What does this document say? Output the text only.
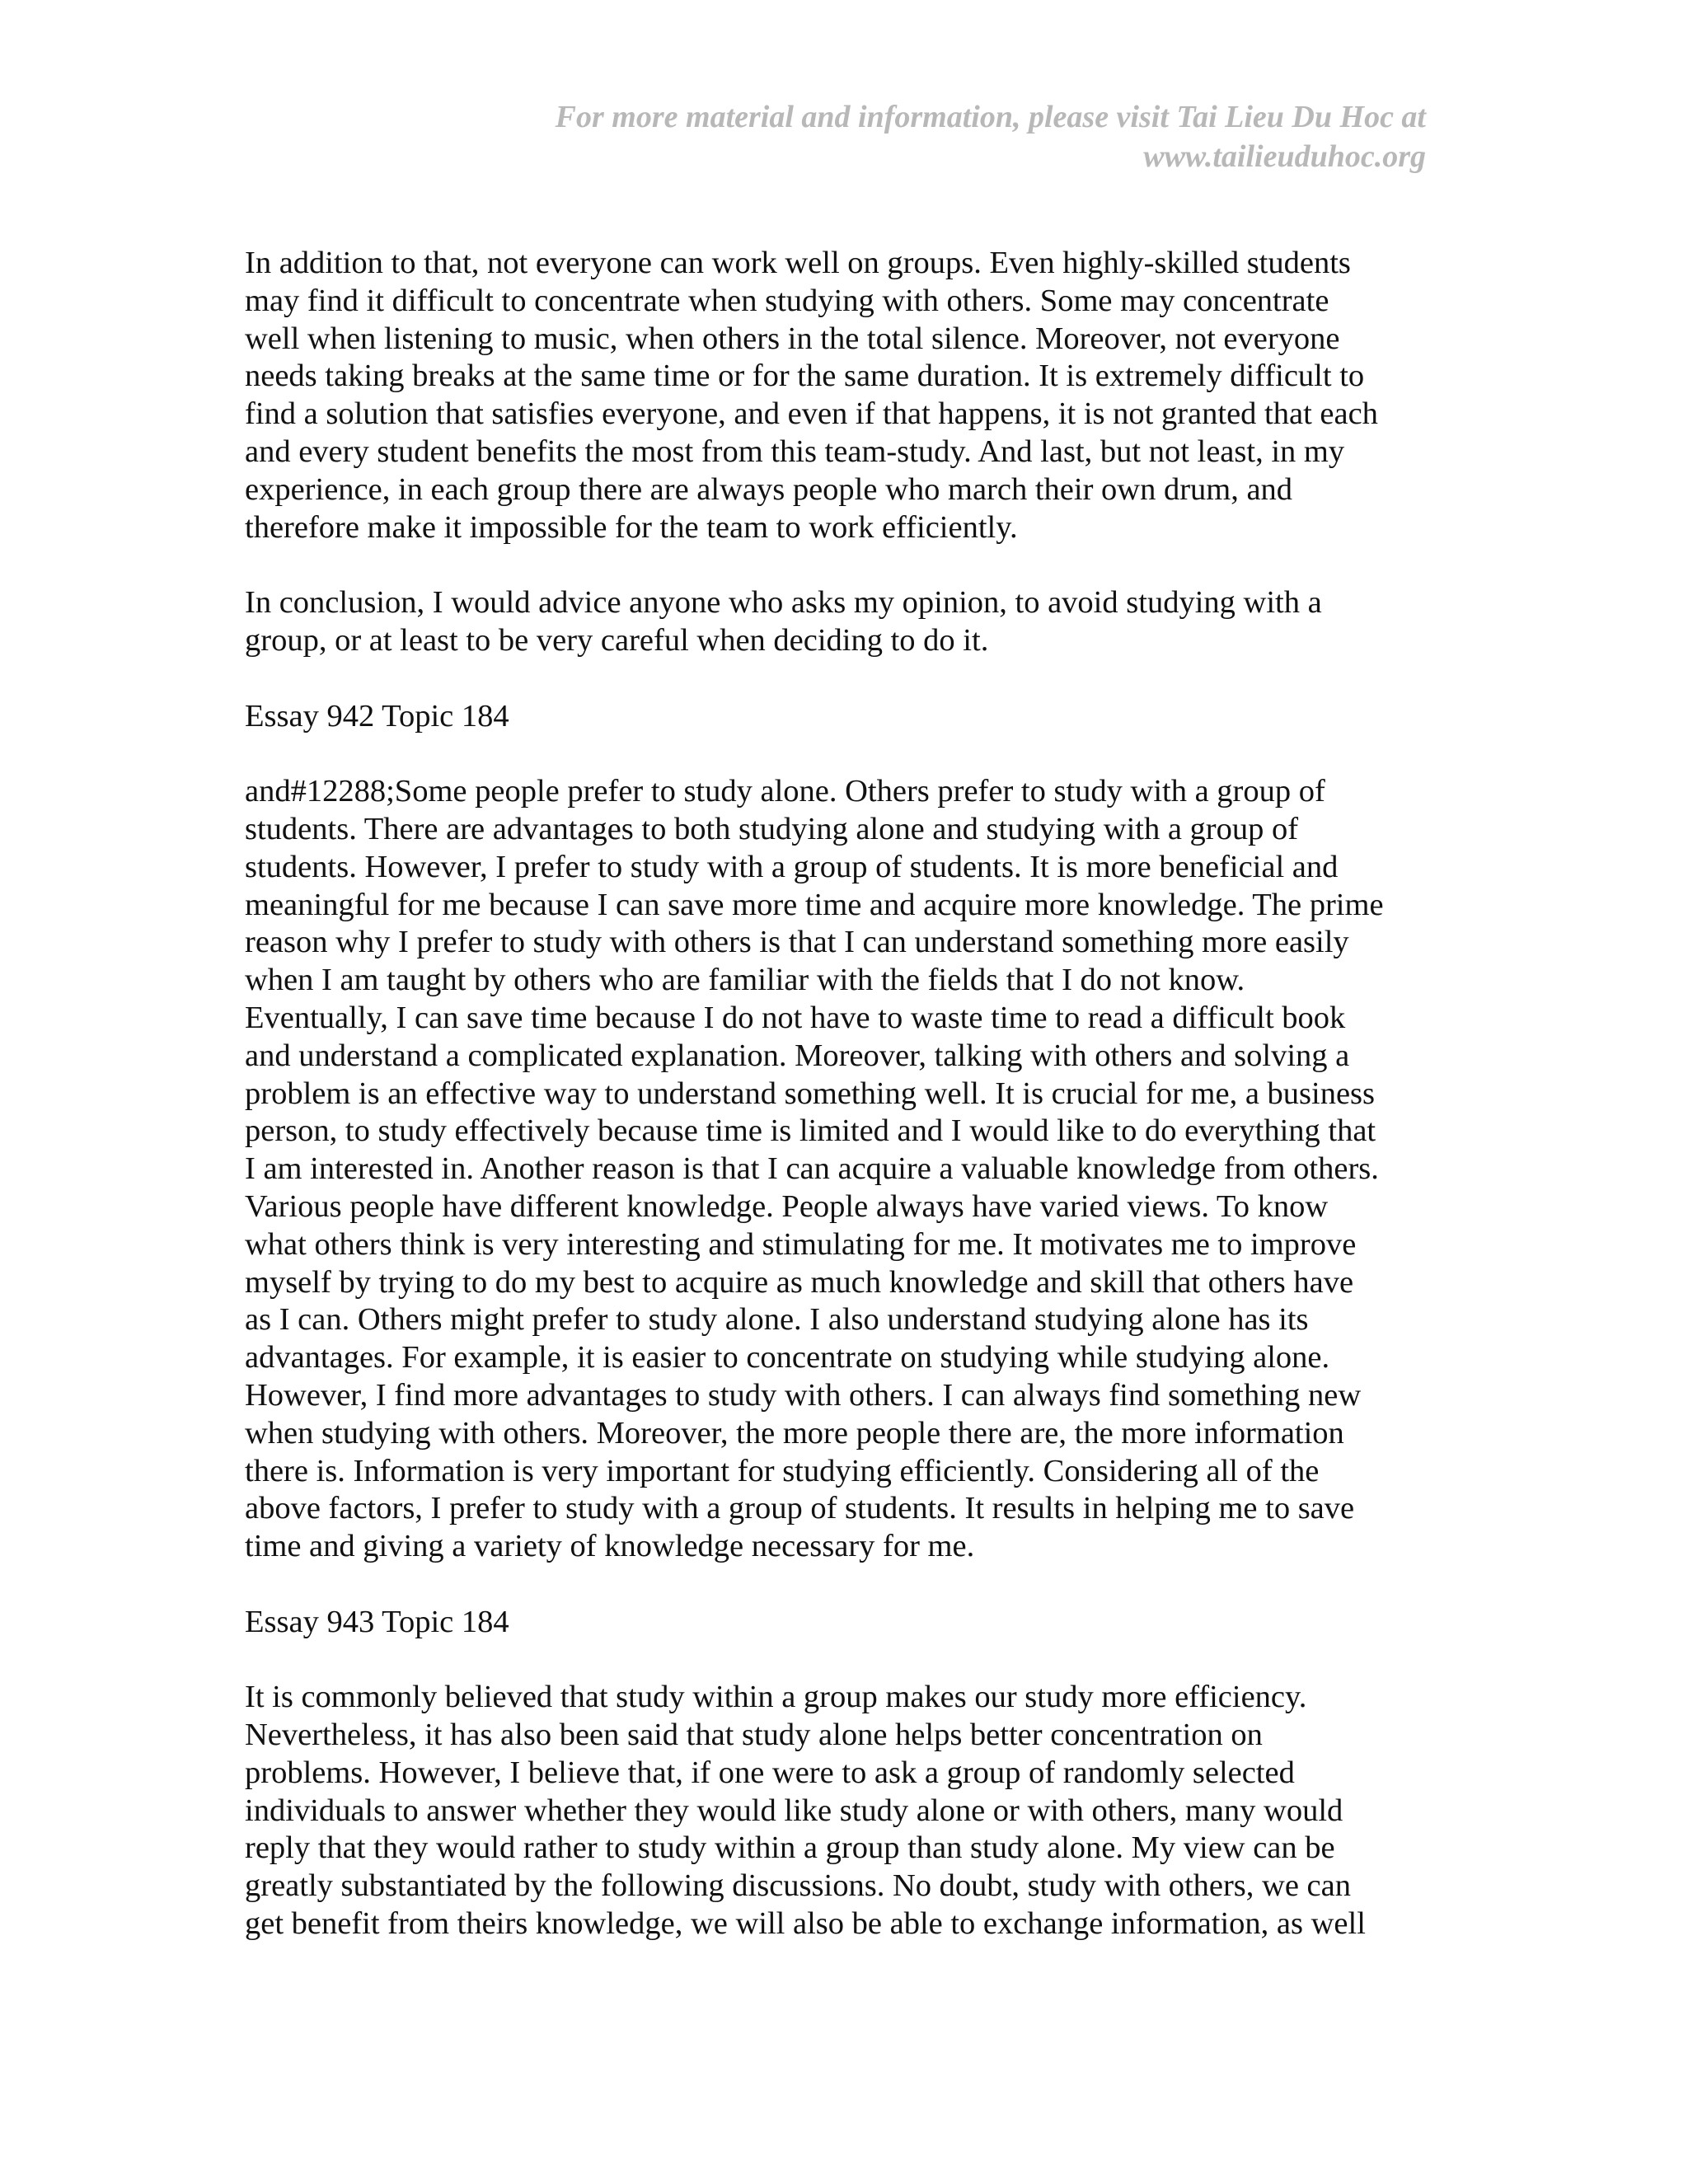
For more material and information, please visit Tai Lieu Du Hoc at
www.tailieuduhoc.org

In addition to that, not everyone can work well on groups. Even highly-skilled students
may find it difficult to concentrate when studying with others. Some may concentrate
well when listening to music, when others in the total silence. Moreover, not everyone
needs taking breaks at the same time or for the same duration. It is extremely difficult to
find a solution that satisfies everyone, and even if that happens, it is not granted that each
and every student benefits the most from this team-study. And last, but not least, in my
experience, in each group there are always people who march their own drum, and
therefore make it impossible for the team to work efficiently.

In conclusion, I would advice anyone who asks my opinion, to avoid studying with a
group, or at least to be very careful when deciding to do it.

Essay 942 Topic 184

and#12288;Some people prefer to study alone. Others prefer to study with a group of
students. There are advantages to both studying alone and studying with a group of
students. However, I prefer to study with a group of students. It is more beneficial and
meaningful for me because I can save more time and acquire more knowledge. The prime
reason why I prefer to study with others is that I can understand something more easily
when I am taught by others who are familiar with the fields that I do not know.
Eventually, I can save time because I do not have to waste time to read a difficult book
and understand a complicated explanation. Moreover, talking with others and solving a
problem is an effective way to understand something well. It is crucial for me, a business
person, to study effectively because time is limited and I would like to do everything that
I am interested in. Another reason is that I can acquire a valuable knowledge from others.
Various people have different knowledge. People always have varied views. To know
what others think is very interesting and stimulating for me. It motivates me to improve
myself by trying to do my best to acquire as much knowledge and skill that others have
as I can. Others might prefer to study alone. I also understand studying alone has its
advantages. For example, it is easier to concentrate on studying while studying alone.
However, I find more advantages to study with others. I can always find something new
when studying with others. Moreover, the more people there are, the more information
there is. Information is very important for studying efficiently. Considering all of the
above factors, I prefer to study with a group of students. It results in helping me to save
time and giving a variety of knowledge necessary for me.

Essay 943 Topic 184

It is commonly believed that study within a group makes our study more efficiency.
Nevertheless, it has also been said that study alone helps better concentration on
problems. However, I believe that, if one were to ask a group of randomly selected
individuals to answer whether they would like study alone or with others, many would
reply that they would rather to study within a group than study alone. My view can be
greatly substantiated by the following discussions. No doubt, study with others, we can
get benefit from theirs knowledge, we will also be able to exchange information, as well
